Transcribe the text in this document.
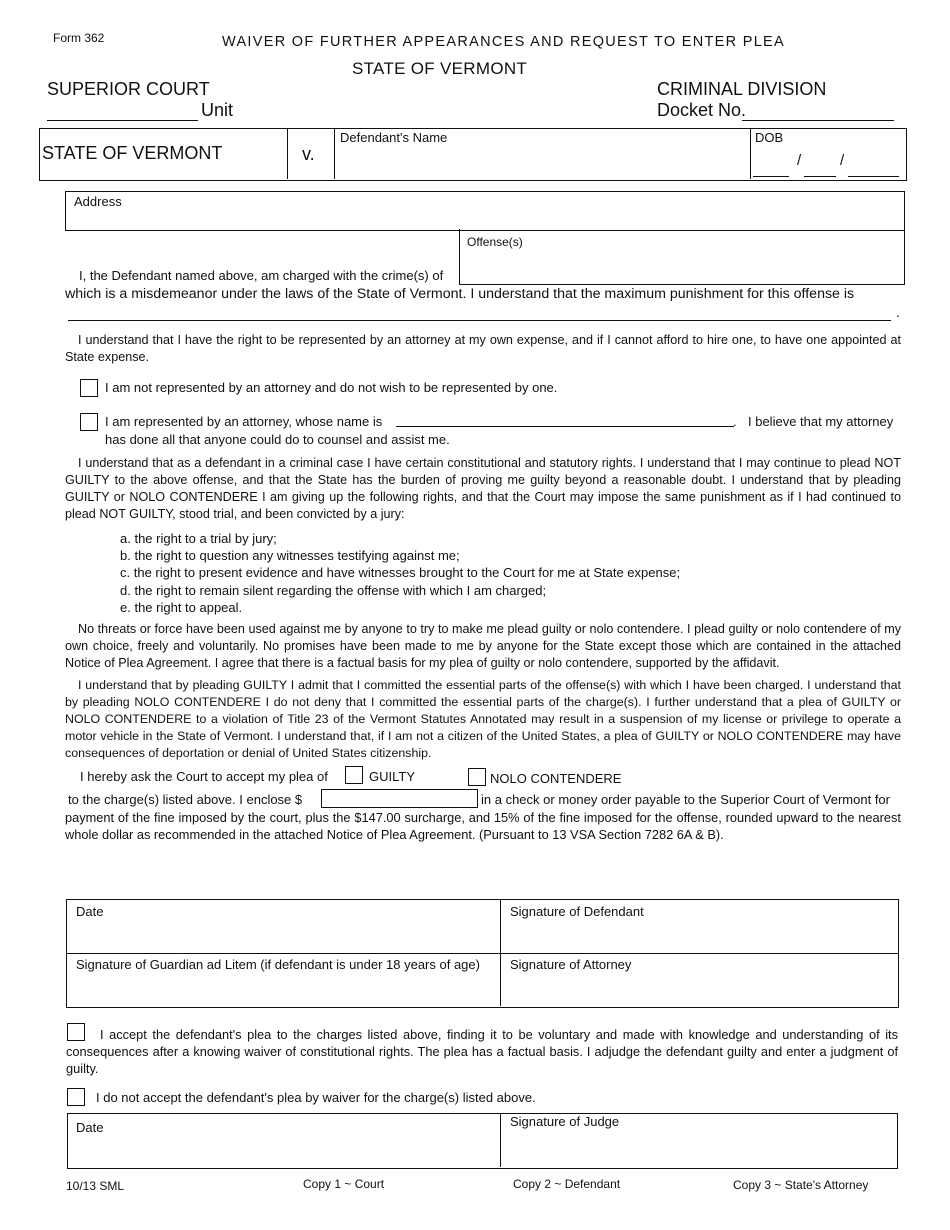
Form 362	WAIVER OF FURTHER APPEARANCES AND REQUEST TO ENTER PLEA
STATE OF VERMONT
SUPERIOR COURT
Unit
CRIMINAL DIVISION
Docket No.
STATE OF VERMONT	v.
Defendant's Name	DOB
/	/
Address
Offense(s)
I, the Defendant named above, am charged with the crime(s) of
which is a misdemeanor under the laws of the State of Vermont. I understand that the maximum punishment for this offense is
.
I understand that I have the right to be represented by an attorney at my own expense, and if I cannot afford to hire one, to have one appointed at State expense.
I am not represented by an attorney and do not wish to be represented by one.
I am represented by an attorney, whose name is	. I believe that my attorney
has done all that anyone could do to counsel and assist me.
I understand that as a defendant in a criminal case I have certain constitutional and statutory rights. I understand that I may continue to plead NOT GUILTY to the above offense, and that the State has the burden of proving me guilty beyond a reasonable doubt. I understand that by pleading GUILTY or NOLO CONTENDERE I am giving up the following rights, and that the Court may impose the same punishment as if I had continued to plead NOT GUILTY, stood trial, and been convicted by a jury:
a. the right to a trial by jury;
b. the right to question any witnesses testifying against me;
c. the right to present evidence and have witnesses brought to the Court for me at State expense;
d. the right to remain silent regarding the offense with which I am charged;
e. the right to appeal.
No threats or force have been used against me by anyone to try to make me plead guilty or nolo contendere. I plead guilty or nolo contendere of my own choice, freely and voluntarily. No promises have been made to me by anyone for the State except those which are contained in the attached Notice of Plea Agreement. I agree that there is a factual basis for my plea of guilty or nolo contendere, supported by the affidavit.
I understand that by pleading GUILTY I admit that I committed the essential parts of the offense(s) with which I have been charged. I understand that by pleading NOLO CONTENDERE I do not deny that I committed the essential parts of the charge(s). I further understand that a plea of GUILTY or NOLO CONTENDERE to a violation of Title 23 of the Vermont Statutes Annotated may result in a suspension of my license or privilege to operate a motor vehicle in the State of Vermont. I understand that, if I am not a citizen of the United States, a plea of GUILTY or NOLO CONTENDERE may have consequences of deportation or denial of United States citizenship.
I hereby ask the Court to accept my plea of	GUILTY	NOLO CONTENDERE
to the charge(s) listed above. I enclose $	in a check or money order payable to the Superior Court of Vermont for
payment of the fine imposed by the court, plus the $147.00 surcharge, and 15% of the fine imposed for the offense, rounded upward to the nearest whole dollar as recommended in the attached Notice of Plea Agreement. (Pursuant to 13 VSA Section 7282 6A & B).
Date	Signature of Defendant
Signature of Guardian ad Litem (if defendant is under 18 years of age) Signature of Attorney
I accept the defendant's plea to the charges listed above, finding it to be voluntary and made with knowledge and understanding of its consequences after a knowing waiver of constitutional rights. The plea has a factual basis. I adjudge the defendant guilty and enter a judgment of guilty.
I do not accept the defendant's plea by waiver for the charge(s) listed above.
Date	Signature of Judge
10/13 SML	Copy 1 ~ Court	Copy 2 ~ Defendant	Copy 3 ~ State's Attorney
